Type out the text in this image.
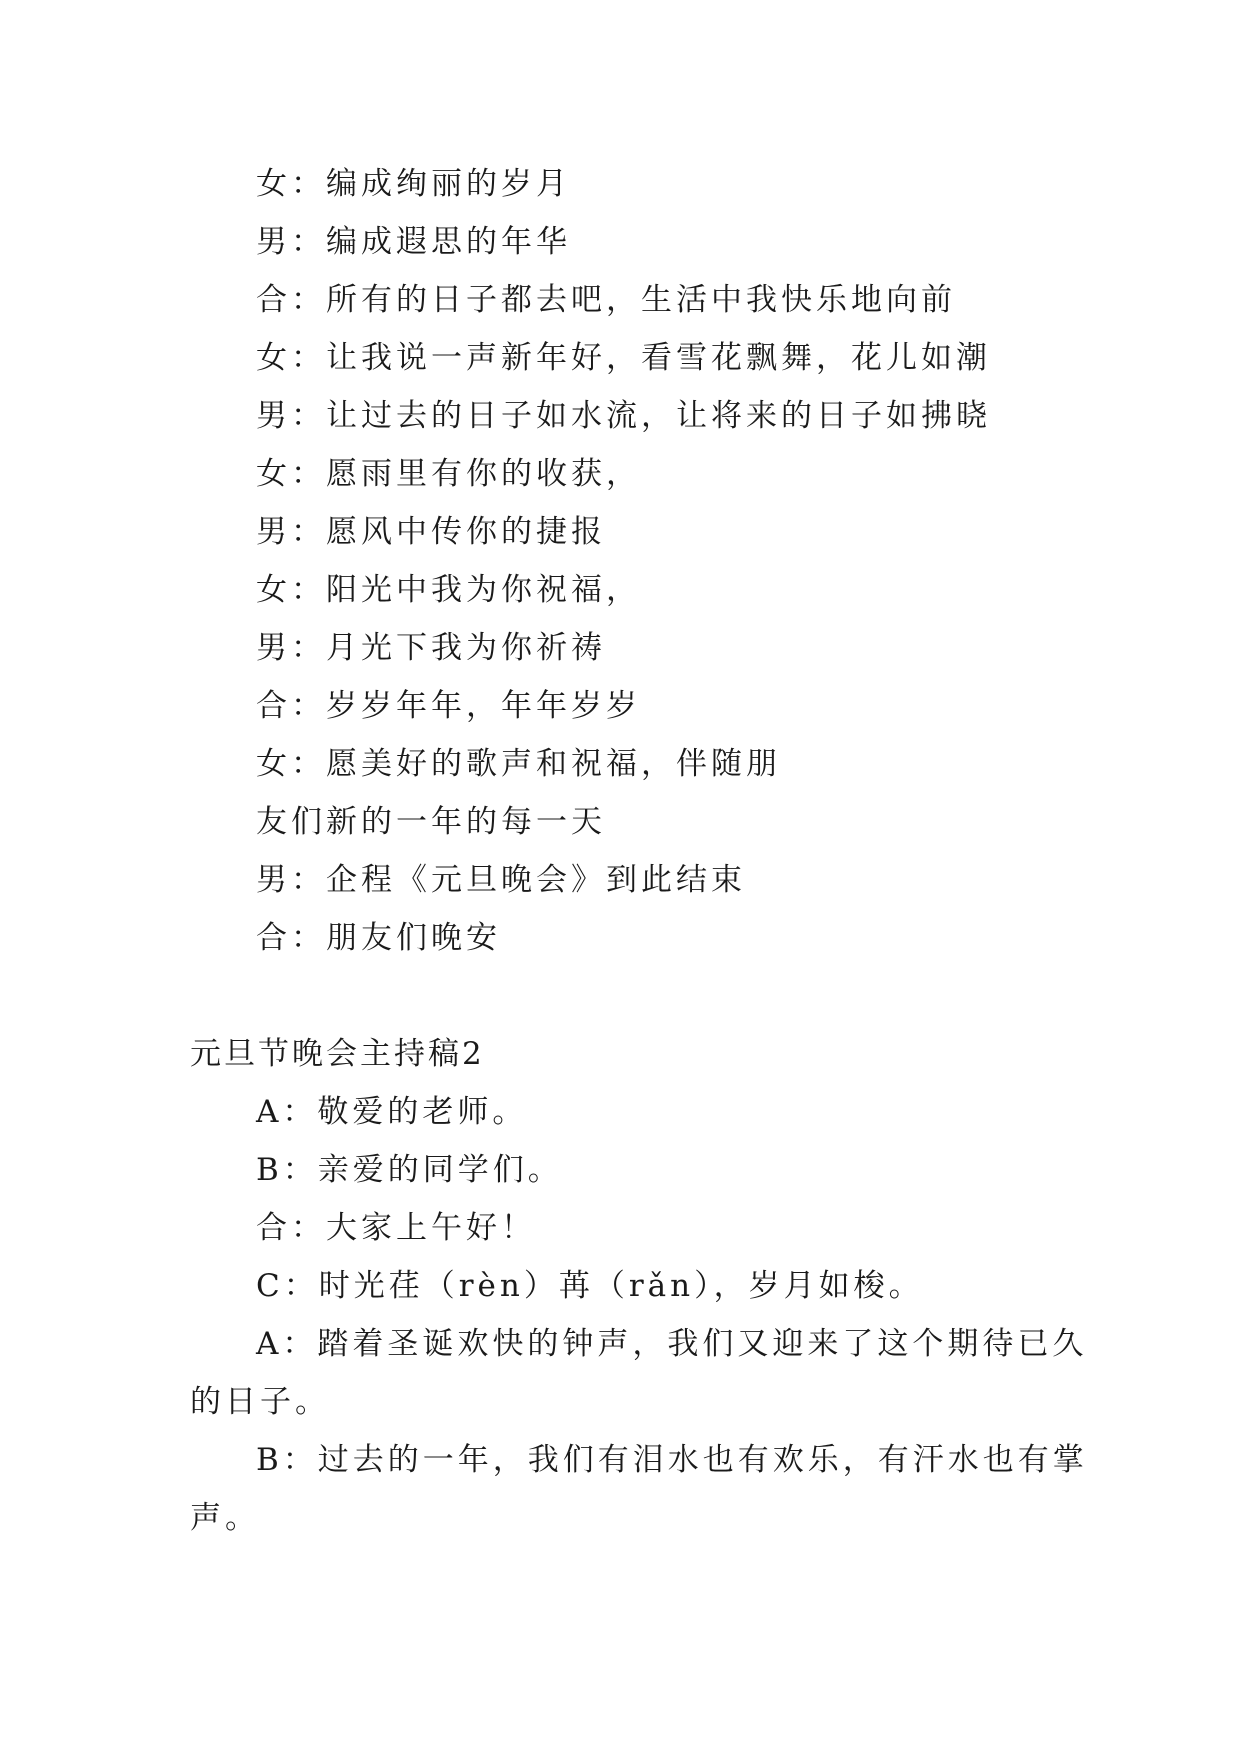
女：编成绚丽的岁月
男：编成遐思的年华
合：所有的日子都去吧，生活中我快乐地向前
女：让我说一声新年好，看雪花飘舞，花儿如潮
男：让过去的日子如水流，让将来的日子如拂晓
女：愿雨里有你的收获，
男：愿风中传你的捷报
女：阳光中我为你祝福，
男：月光下我为你祈祷
合：岁岁年年，年年岁岁
女：愿美好的歌声和祝福，伴随朋
友们新的一年的每一天
男：企程《元旦晚会》到此结束
合：朋友们晚安
元旦节晚会主持稿2
A：敬爱的老师。
B：亲爱的同学们。
合：大家上午好！
C：时光荏（rèn）苒（rǎn），岁月如梭。
A：踏着圣诞欢快的钟声，我们又迎来了这个期待已久
的日子。
B：过去的一年，我们有泪水也有欢乐，有汗水也有掌
声。
